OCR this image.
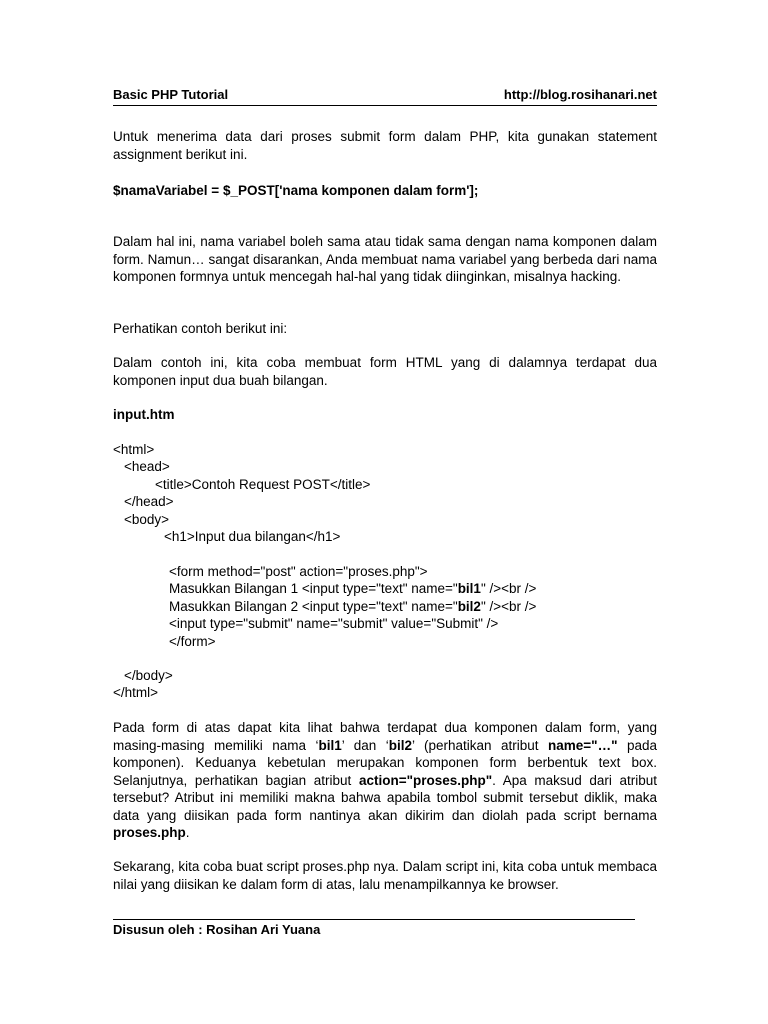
Basic PHP Tutorial	http://blog.rosihanari.net

Untuk menerima data dari proses submit form dalam PHP, kita gunakan statement assignment berikut ini.

$namaVariabel = $_POST['nama komponen dalam form'];

Dalam hal ini, nama variabel boleh sama atau tidak sama dengan nama komponen dalam form. Namun… sangat disarankan, Anda membuat nama variabel yang berbeda dari nama komponen formnya untuk mencegah hal-hal yang tidak diinginkan, misalnya hacking.

Perhatikan contoh berikut ini:

Dalam contoh ini, kita coba membuat form HTML yang di dalamnya terdapat dua komponen input dua buah bilangan.

input.htm

<html>
<head>
<title>Contoh Request POST</title>
</head>
<body>
<h1>Input dua bilangan</h1>
<form method="post" action="proses.php">
Masukkan Bilangan 1 <input type="text" name="bil1" /><br />
Masukkan Bilangan 2 <input type="text" name="bil2" /><br />
<input type="submit" name="submit" value="Submit" />
</form>
</body>
</html>

Pada form di atas dapat kita lihat bahwa terdapat dua komponen dalam form, yang masing-masing memiliki nama ‘bil1’ dan ‘bil2’ (perhatikan atribut name="…" pada komponen). Keduanya kebetulan merupakan komponen form berbentuk text box. Selanjutnya, perhatikan bagian atribut action="proses.php". Apa maksud dari atribut tersebut? Atribut ini memiliki makna bahwa apabila tombol submit tersebut diklik, maka data yang diisikan pada form nantinya akan dikirim dan diolah pada script bernama proses.php.

Sekarang, kita coba buat script proses.php nya. Dalam script ini, kita coba untuk membaca nilai yang diisikan ke dalam form di atas, lalu menampilkannya ke browser.

Disusun oleh : Rosihan Ari Yuana
